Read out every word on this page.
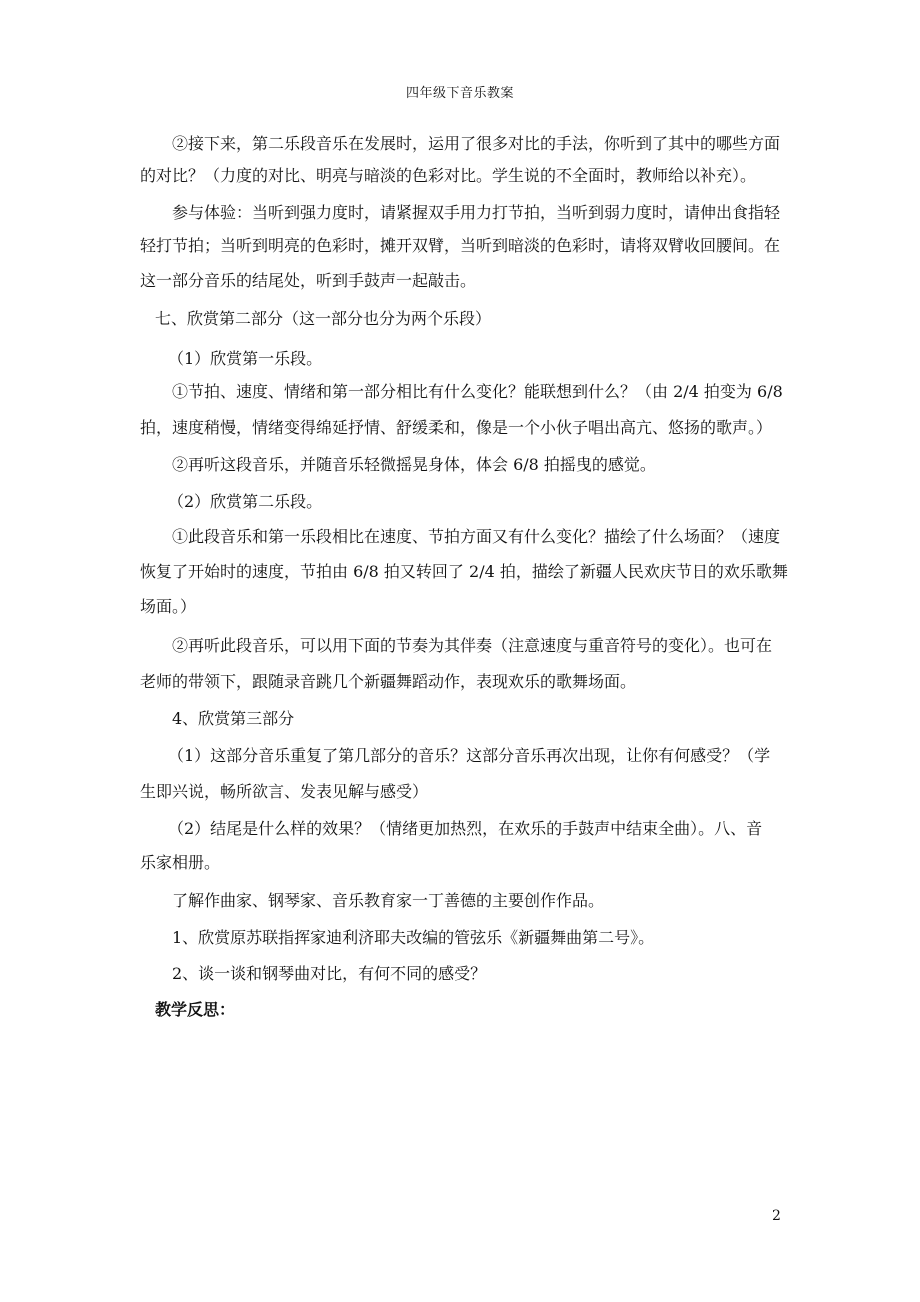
四年级下音乐教案
②接下来，第二乐段音乐在发展时，运用了很多对比的手法，你听到了其中的哪些方面
的对比？（力度的对比、明亮与暗淡的色彩对比。学生说的不全面时，教师给以补充）。
参与体验：当听到强力度时，请紧握双手用力打节拍，当听到弱力度时，请伸出食指轻
轻打节拍；当听到明亮的色彩时，摊开双臂，当听到暗淡的色彩时，请将双臂收回腰间。在
这一部分音乐的结尾处，听到手鼓声一起敲击。
七、欣赏第二部分（这一部分也分为两个乐段）
（1）欣赏第一乐段。
①节拍、速度、情绪和第一部分相比有什么变化？能联想到什么？（由 2/4 拍变为 6/8
拍，速度稍慢，情绪变得绵延抒情、舒缓柔和，像是一个小伙子唱出高亢、悠扬的歌声。）
②再听这段音乐，并随音乐轻微摇晃身体，体会 6/8 拍摇曳的感觉。
（2）欣赏第二乐段。
①此段音乐和第一乐段相比在速度、节拍方面又有什么变化？描绘了什么场面？（速度
恢复了开始时的速度，节拍由 6/8 拍又转回了 2/4 拍，描绘了新疆人民欢庆节日的欢乐歌舞
场面。）
②再听此段音乐，可以用下面的节奏为其伴奏（注意速度与重音符号的变化）。也可在
老师的带领下，跟随录音跳几个新疆舞蹈动作，表现欢乐的歌舞场面。
4、欣赏第三部分
（1）这部分音乐重复了第几部分的音乐？这部分音乐再次出现，让你有何感受？（学
生即兴说，畅所欲言、发表见解与感受）
（2）结尾是什么样的效果？（情绪更加热烈，在欢乐的手鼓声中结束全曲）。八、音
乐家相册。
了解作曲家、钢琴家、音乐教育家一丁善德的主要创作作品。
1、欣赏原苏联指挥家迪利济耶夫改编的管弦乐《新疆舞曲第二号》。
2、谈一谈和钢琴曲对比，有何不同的感受？
教学反思：
2
